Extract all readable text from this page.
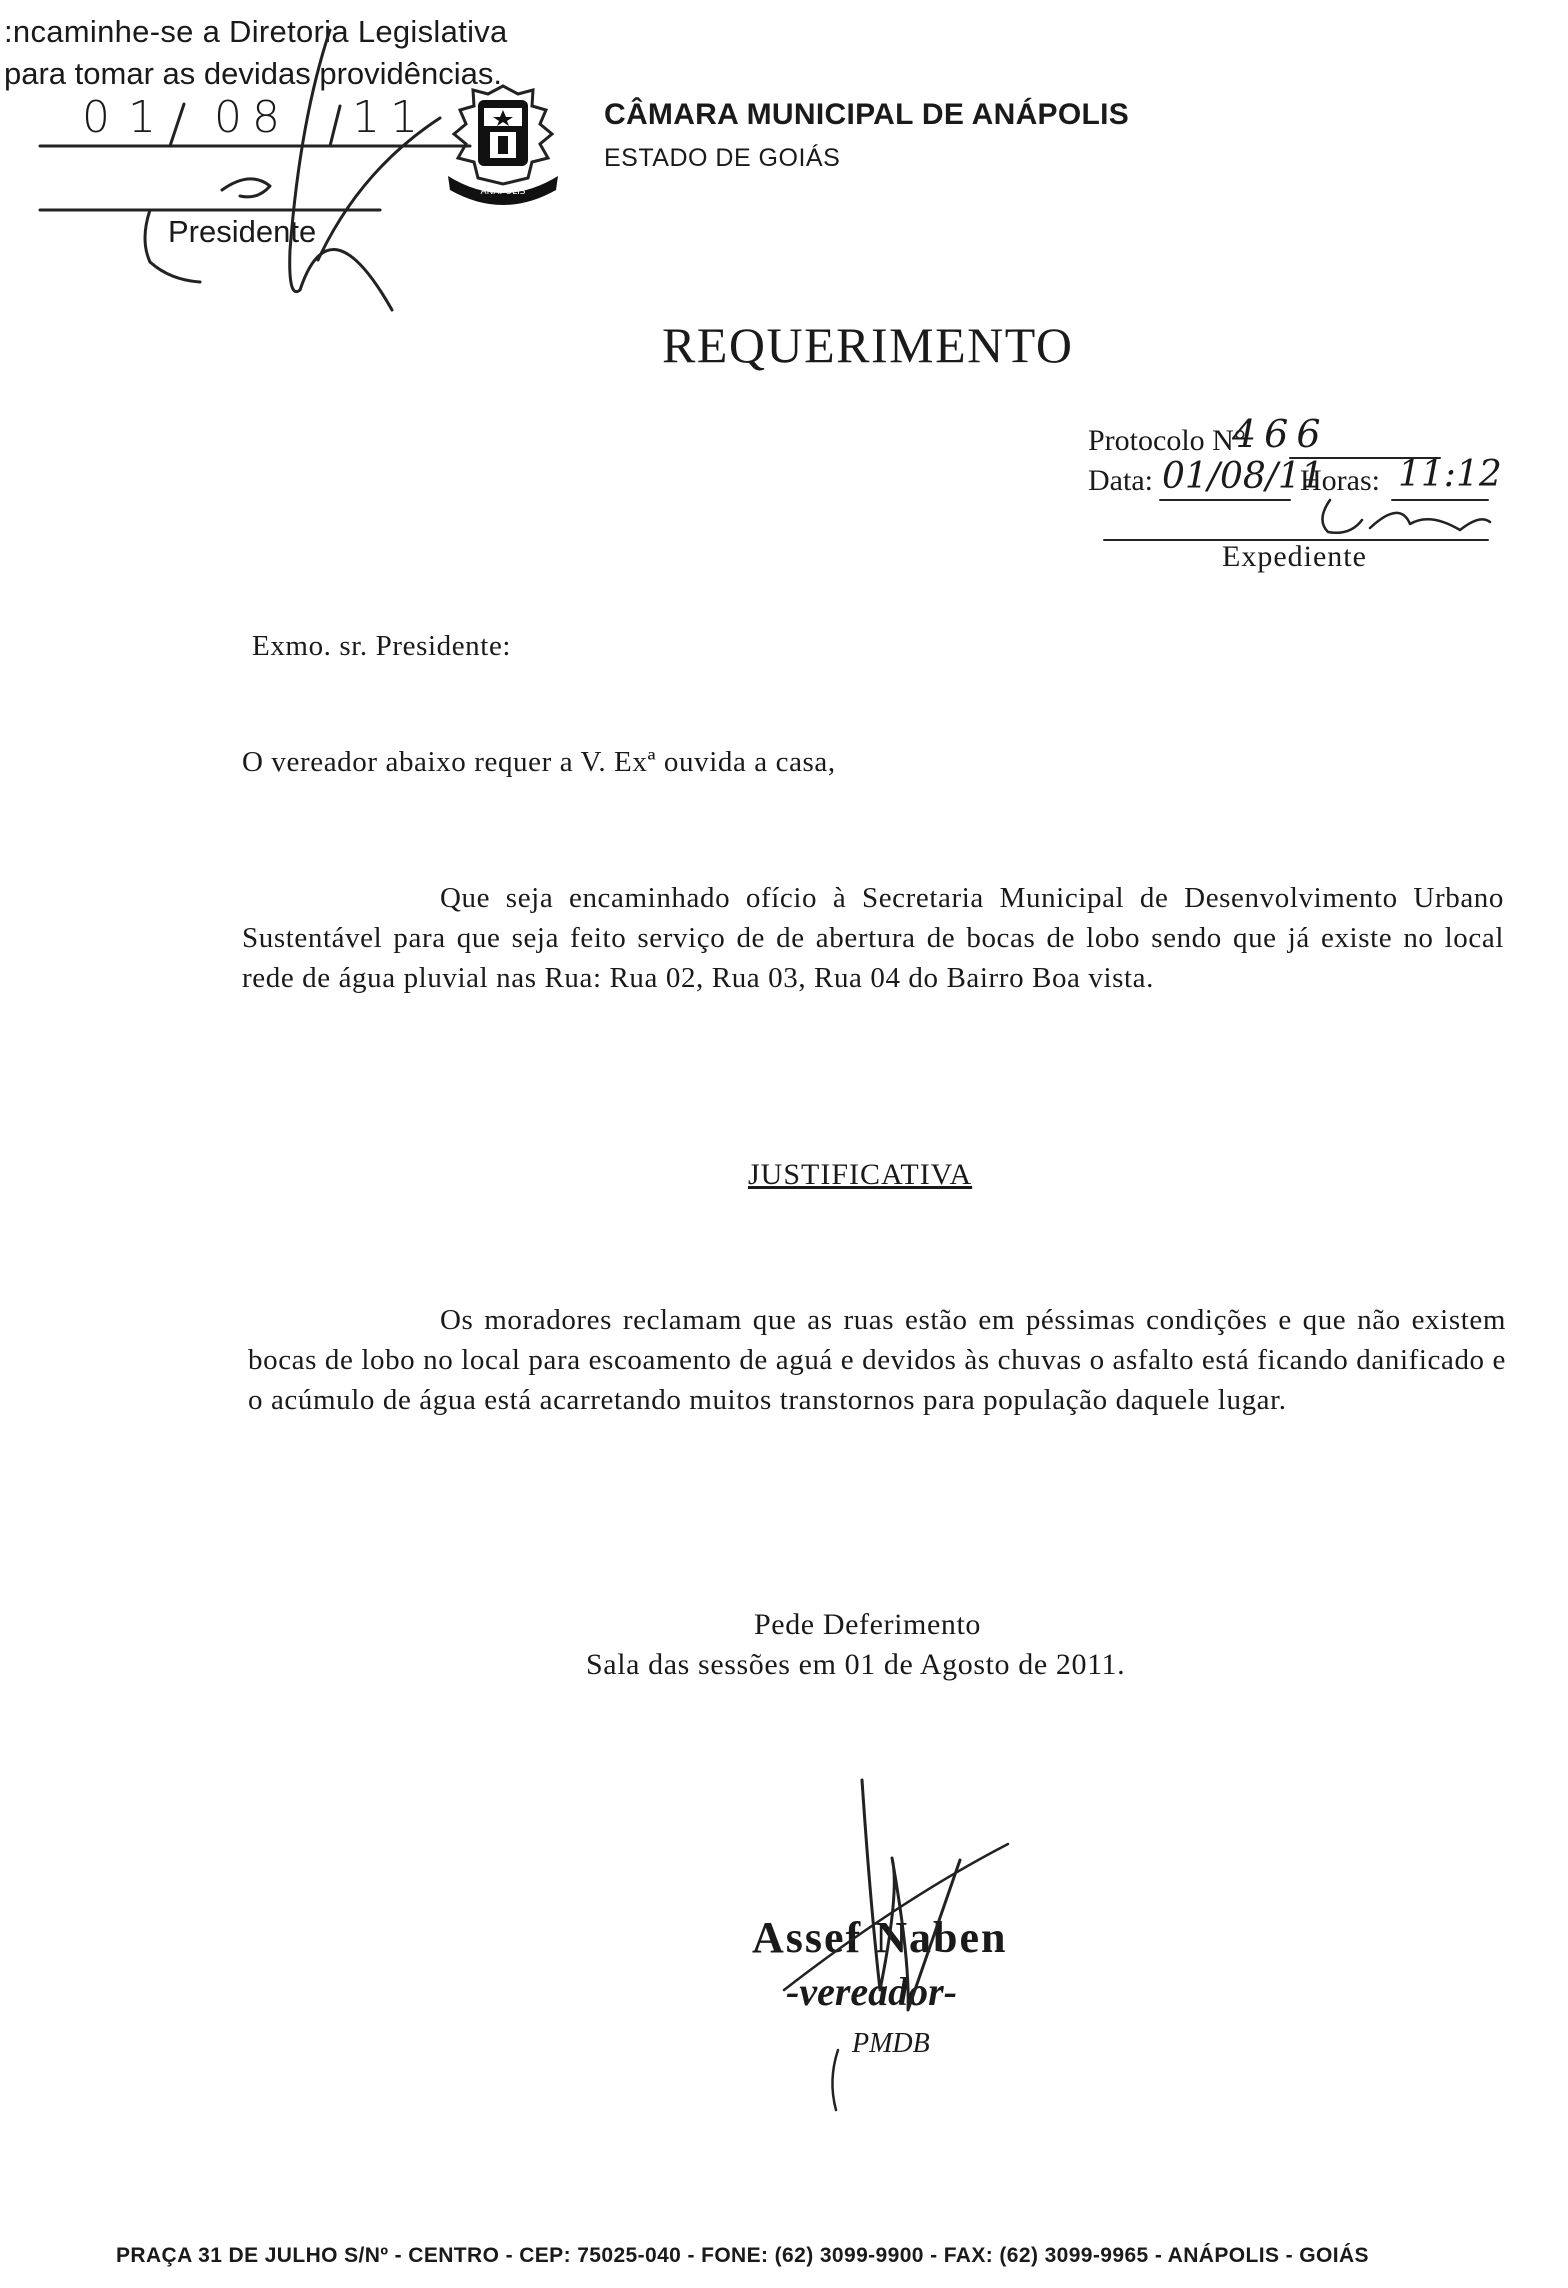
:ncaminhe-se a Diretoria Legislativa
para tomar as devidas providências.
01 08 11
Presidente
ANÁPOLIS
CÂMARA MUNICIPAL DE ANÁPOLIS
ESTADO DE GOIÁS
REQUERIMENTO
Protocolo N°
466
Data: 01/08/11
Horas: 11:12
Expediente
Exmo. sr. Presidente:
O vereador abaixo requer a V. Exª ouvida a casa,
Que seja encaminhado ofício à Secretaria Municipal de Desenvolvimento Urbano Sustentável para que seja feito serviço de de abertura de bocas de lobo sendo que já existe no local rede de água pluvial nas Rua: Rua 02, Rua 03, Rua 04 do Bairro Boa vista.
JUSTIFICATIVA
Os moradores reclamam que as ruas estão em péssimas condições e que não existem bocas de lobo no local para escoamento de aguá e devidos às chuvas o asfalto está ficando danificado e o acúmulo de água está acarretando muitos transtornos para população daquele lugar.
Pede Deferimento
Sala das sessões em 01 de Agosto de 2011.
Assef Naben
-vereador-
PMDB
PRAÇA 31 DE JULHO S/Nº - CENTRO - CEP: 75025-040 - FONE: (62) 3099-9900 - FAX: (62) 3099-9965 - ANÁPOLIS - GOIÁS
